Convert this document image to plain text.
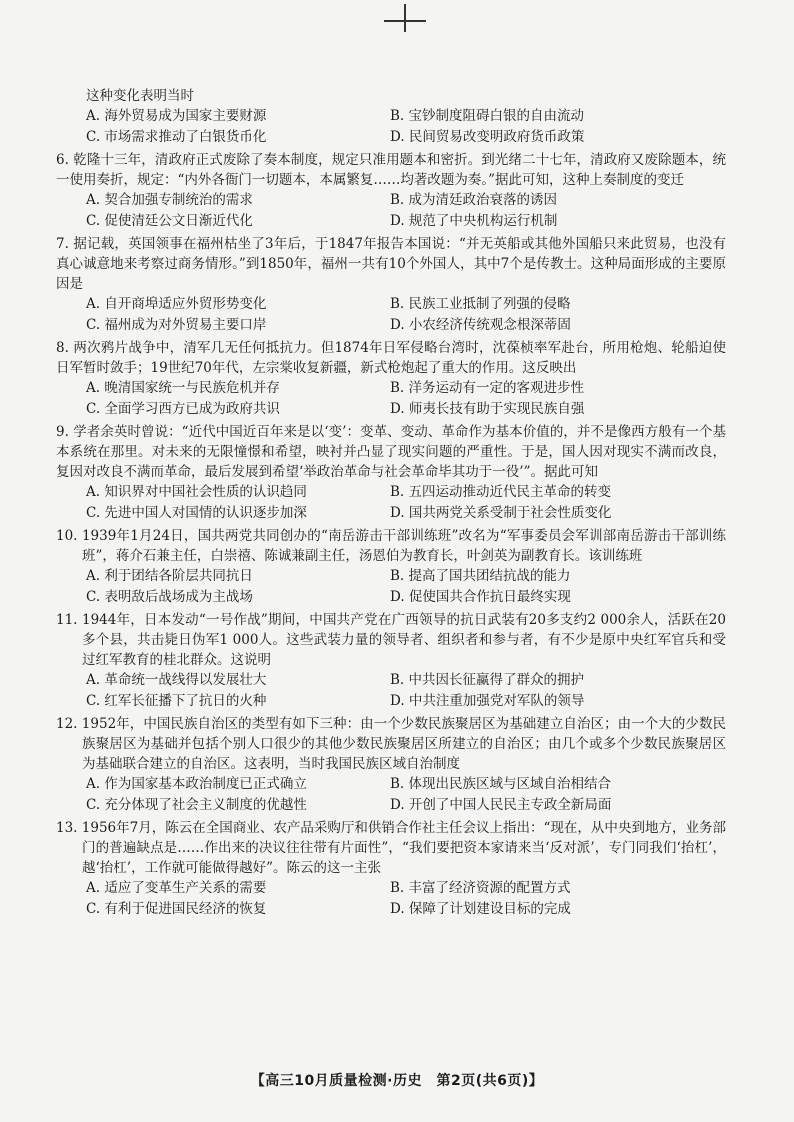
这种变化表明当时
A. 海外贸易成为国家主要财源	B. 宝钞制度阻碍白银的自由流动
C. 市场需求推动了白银货币化	D. 民间贸易改变明政府货币政策
6. 乾隆十三年，清政府正式废除了奏本制度，规定只准用题本和密折。到光绪二十七年，清政府又废除题本，统一使用奏折，规定：“内外各衙门一切题本，本属繁复……均著改题为奏。”据此可知，这种上奏制度的变迁
A. 契合加强专制统治的需求	B. 成为清廷政治衰落的诱因
C. 促使清廷公文日渐近代化	D. 规范了中央机构运行机制
7. 据记载，英国领事在福州枯坐了3年后，于1847年报告本国说：“并无英船或其他外国船只来此贸易，也没有真心诚意地来考察过商务情形。”到1850年，福州一共有10个外国人，其中7个是传教士。这种局面形成的主要原因是
A. 自开商埠适应外贸形势变化	B. 民族工业抵制了列强的侵略
C. 福州成为对外贸易主要口岸	D. 小农经济传统观念根深蒂固
8. 两次鸦片战争中，清军几无任何抵抗力。但1874年日军侵略台湾时，沈葆桢率军赴台，所用枪炮、轮船迫使日军暂时敛手；19世纪70年代，左宗棠收复新疆，新式枪炮起了重大的作用。这反映出
A. 晚清国家统一与民族危机并存	B. 洋务运动有一定的客观进步性
C. 全面学习西方已成为政府共识	D. 师夷长技有助于实现民族自强
9. 学者余英时曾说：“近代中国近百年来是以‘变’：变革、变动、革命作为基本价值的，并不是像西方般有一个基本系统在那里。对未来的无限憧憬和希望，映衬并凸显了现实问题的严重性。于是，国人因对现实不满而改良，复因对改良不满而革命，最后发展到希望‘举政治革命与社会革命毕其功于一役’”。据此可知
A. 知识界对中国社会性质的认识趋同	B. 五四运动推动近代民主革命的转变
C. 先进中国人对国情的认识逐步加深	D. 国共两党关系受制于社会性质变化
10. 1939年1月24日，国共两党共同创办的“南岳游击干部训练班”改名为“军事委员会军训部南岳游击干部训练班”，蒋介石兼主任，白崇禧、陈诚兼副主任，汤恩伯为教育长，叶剑英为副教育长。该训练班
A. 利于团结各阶层共同抗日	B. 提高了国共团结抗战的能力
C. 表明敌后战场成为主战场	D. 促使国共合作抗日最终实现
11. 1944年，日本发动“一号作战”期间，中国共产党在广西领导的抗日武装有20多支约2 000余人，活跃在20多个县，共击毙日伪军1 000人。这些武装力量的领导者、组织者和参与者，有不少是原中央红军官兵和受过红军教育的桂北群众。这说明
A. 革命统一战线得以发展壮大	B. 中共因长征赢得了群众的拥护
C. 红军长征播下了抗日的火种	D. 中共注重加强党对军队的领导
12. 1952年，中国民族自治区的类型有如下三种：由一个少数民族聚居区为基础建立自治区；由一个大的少数民族聚居区为基础并包括个别人口很少的其他少数民族聚居区所建立的自治区；由几个或多个少数民族聚居区为基础联合建立的自治区。这表明，当时我国民族区域自治制度
A. 作为国家基本政治制度已正式确立	B. 体现出民族区域与区域自治相结合
C. 充分体现了社会主义制度的优越性	D. 开创了中国人民民主专政全新局面
13. 1956年7月，陈云在全国商业、农产品采购厅和供销合作社主任会议上指出：“现在，从中央到地方，业务部门的普遍缺点是……作出来的决议往往带有片面性”，“我们要把资本家请来当‘反对派’，专门同我们‘抬杠’，越‘抬杠’，工作就可能做得越好”。陈云的这一主张
A. 适应了变革生产关系的需要	B. 丰富了经济资源的配置方式
C. 有利于促进国民经济的恢复	D. 保障了计划建设目标的完成
【高三10月质量检测·历史　第2页(共6页)】
